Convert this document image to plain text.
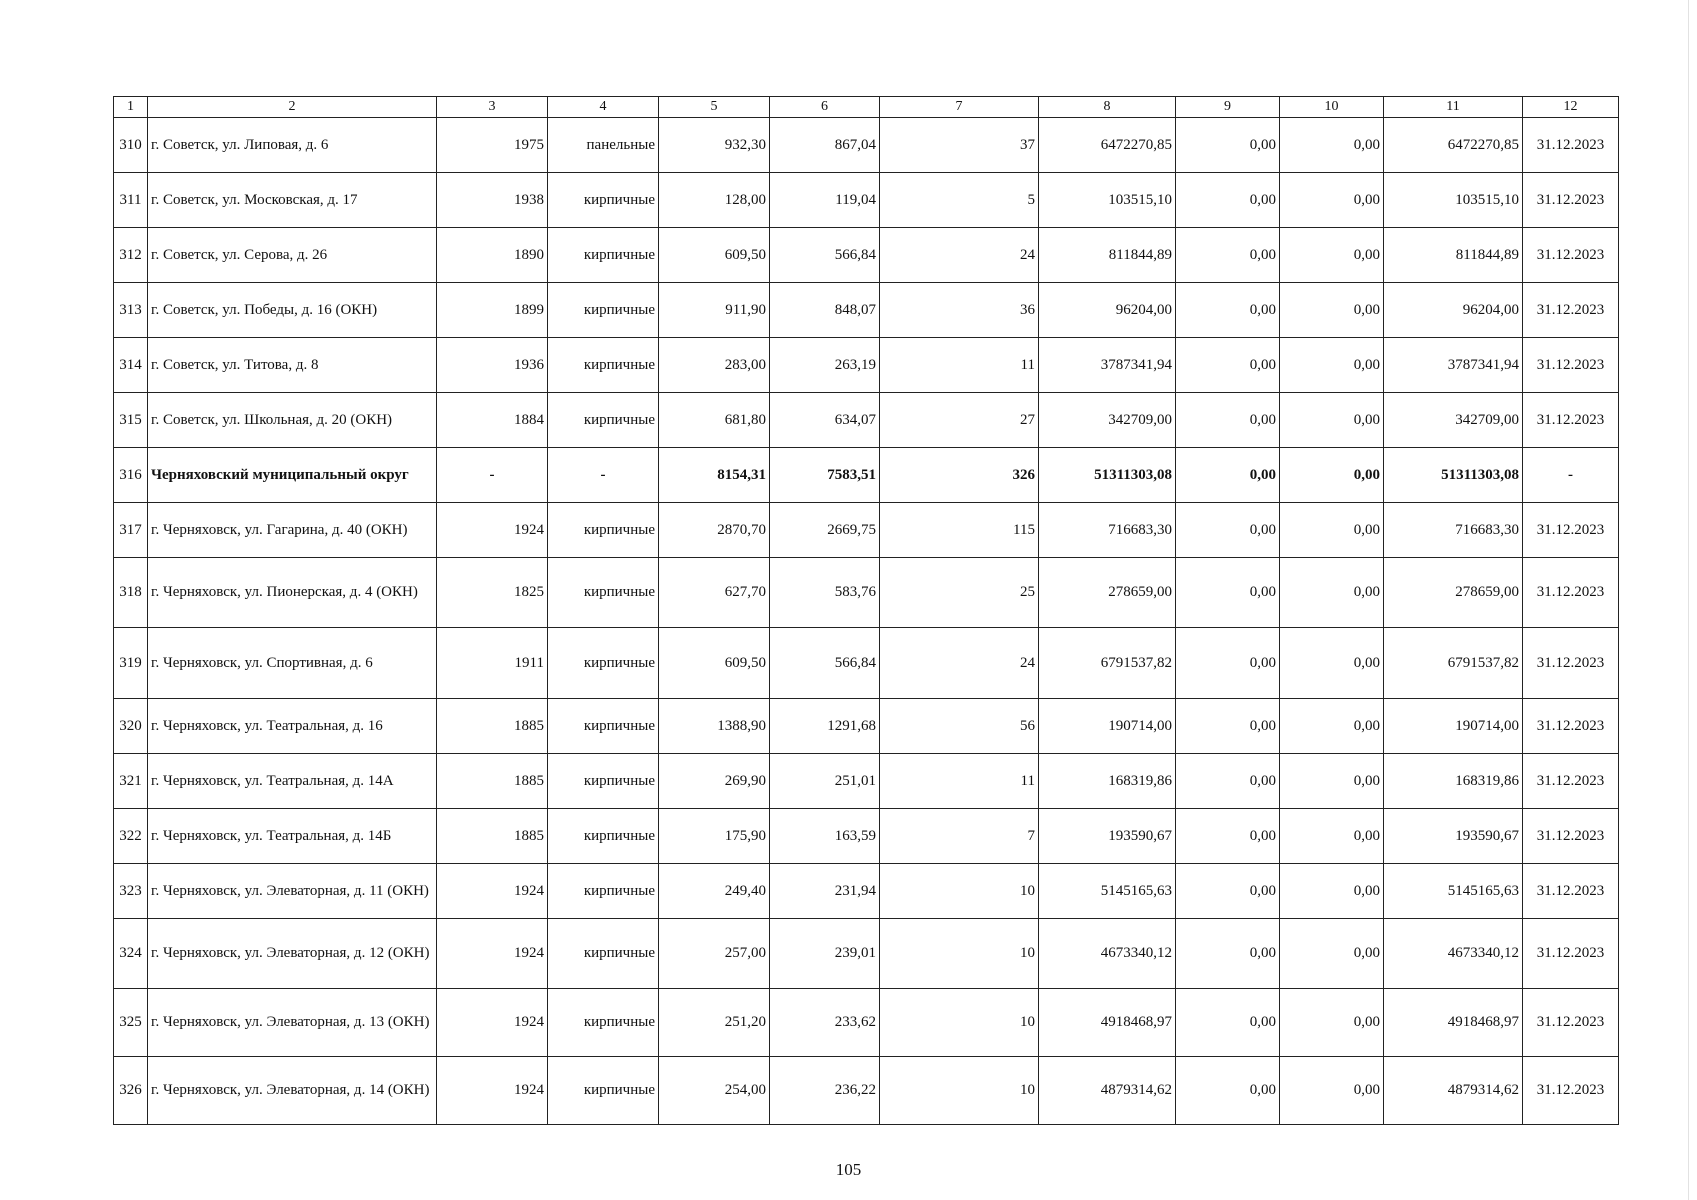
1	2	3	4	5	6	7	8	9	10	11	12
310	г. Советск, ул. Липовая, д. 6	1975	панельные	932,30	867,04	37	6472270,85	0,00	0,00	6472270,85	31.12.2023
311	г. Советск, ул. Московская, д. 17	1938	кирпичные	128,00	119,04	5	103515,10	0,00	0,00	103515,10	31.12.2023
312	г. Советск, ул. Серова, д. 26	1890	кирпичные	609,50	566,84	24	811844,89	0,00	0,00	811844,89	31.12.2023
313	г. Советск, ул. Победы, д. 16 (ОКН)	1899	кирпичные	911,90	848,07	36	96204,00	0,00	0,00	96204,00	31.12.2023
314	г. Советск, ул. Титова, д. 8	1936	кирпичные	283,00	263,19	11	3787341,94	0,00	0,00	3787341,94	31.12.2023
315	г. Советск, ул. Школьная, д. 20 (ОКН)	1884	кирпичные	681,80	634,07	27	342709,00	0,00	0,00	342709,00	31.12.2023
316	Черняховский муниципальный округ	-	-	8154,31	7583,51	326	51311303,08	0,00	0,00	51311303,08	-
317	г. Черняховск, ул. Гагарина, д. 40 (ОКН)	1924	кирпичные	2870,70	2669,75	115	716683,30	0,00	0,00	716683,30	31.12.2023
318	г. Черняховск, ул. Пионерская, д. 4 (ОКН)	1825	кирпичные	627,70	583,76	25	278659,00	0,00	0,00	278659,00	31.12.2023
319	г. Черняховск, ул. Спортивная, д. 6	1911	кирпичные	609,50	566,84	24	6791537,82	0,00	0,00	6791537,82	31.12.2023
320	г. Черняховск, ул. Театральная, д. 16	1885	кирпичные	1388,90	1291,68	56	190714,00	0,00	0,00	190714,00	31.12.2023
321	г. Черняховск, ул. Театральная, д. 14А	1885	кирпичные	269,90	251,01	11	168319,86	0,00	0,00	168319,86	31.12.2023
322	г. Черняховск, ул. Театральная, д. 14Б	1885	кирпичные	175,90	163,59	7	193590,67	0,00	0,00	193590,67	31.12.2023
323	г. Черняховск, ул. Элеваторная, д. 11 (ОКН)	1924	кирпичные	249,40	231,94	10	5145165,63	0,00	0,00	5145165,63	31.12.2023
324	г. Черняховск, ул. Элеваторная, д. 12 (ОКН)	1924	кирпичные	257,00	239,01	10	4673340,12	0,00	0,00	4673340,12	31.12.2023
325	г. Черняховск, ул. Элеваторная, д. 13 (ОКН)	1924	кирпичные	251,20	233,62	10	4918468,97	0,00	0,00	4918468,97	31.12.2023
326	г. Черняховск, ул. Элеваторная, д. 14 (ОКН)	1924	кирпичные	254,00	236,22	10	4879314,62	0,00	0,00	4879314,62	31.12.2023
105
